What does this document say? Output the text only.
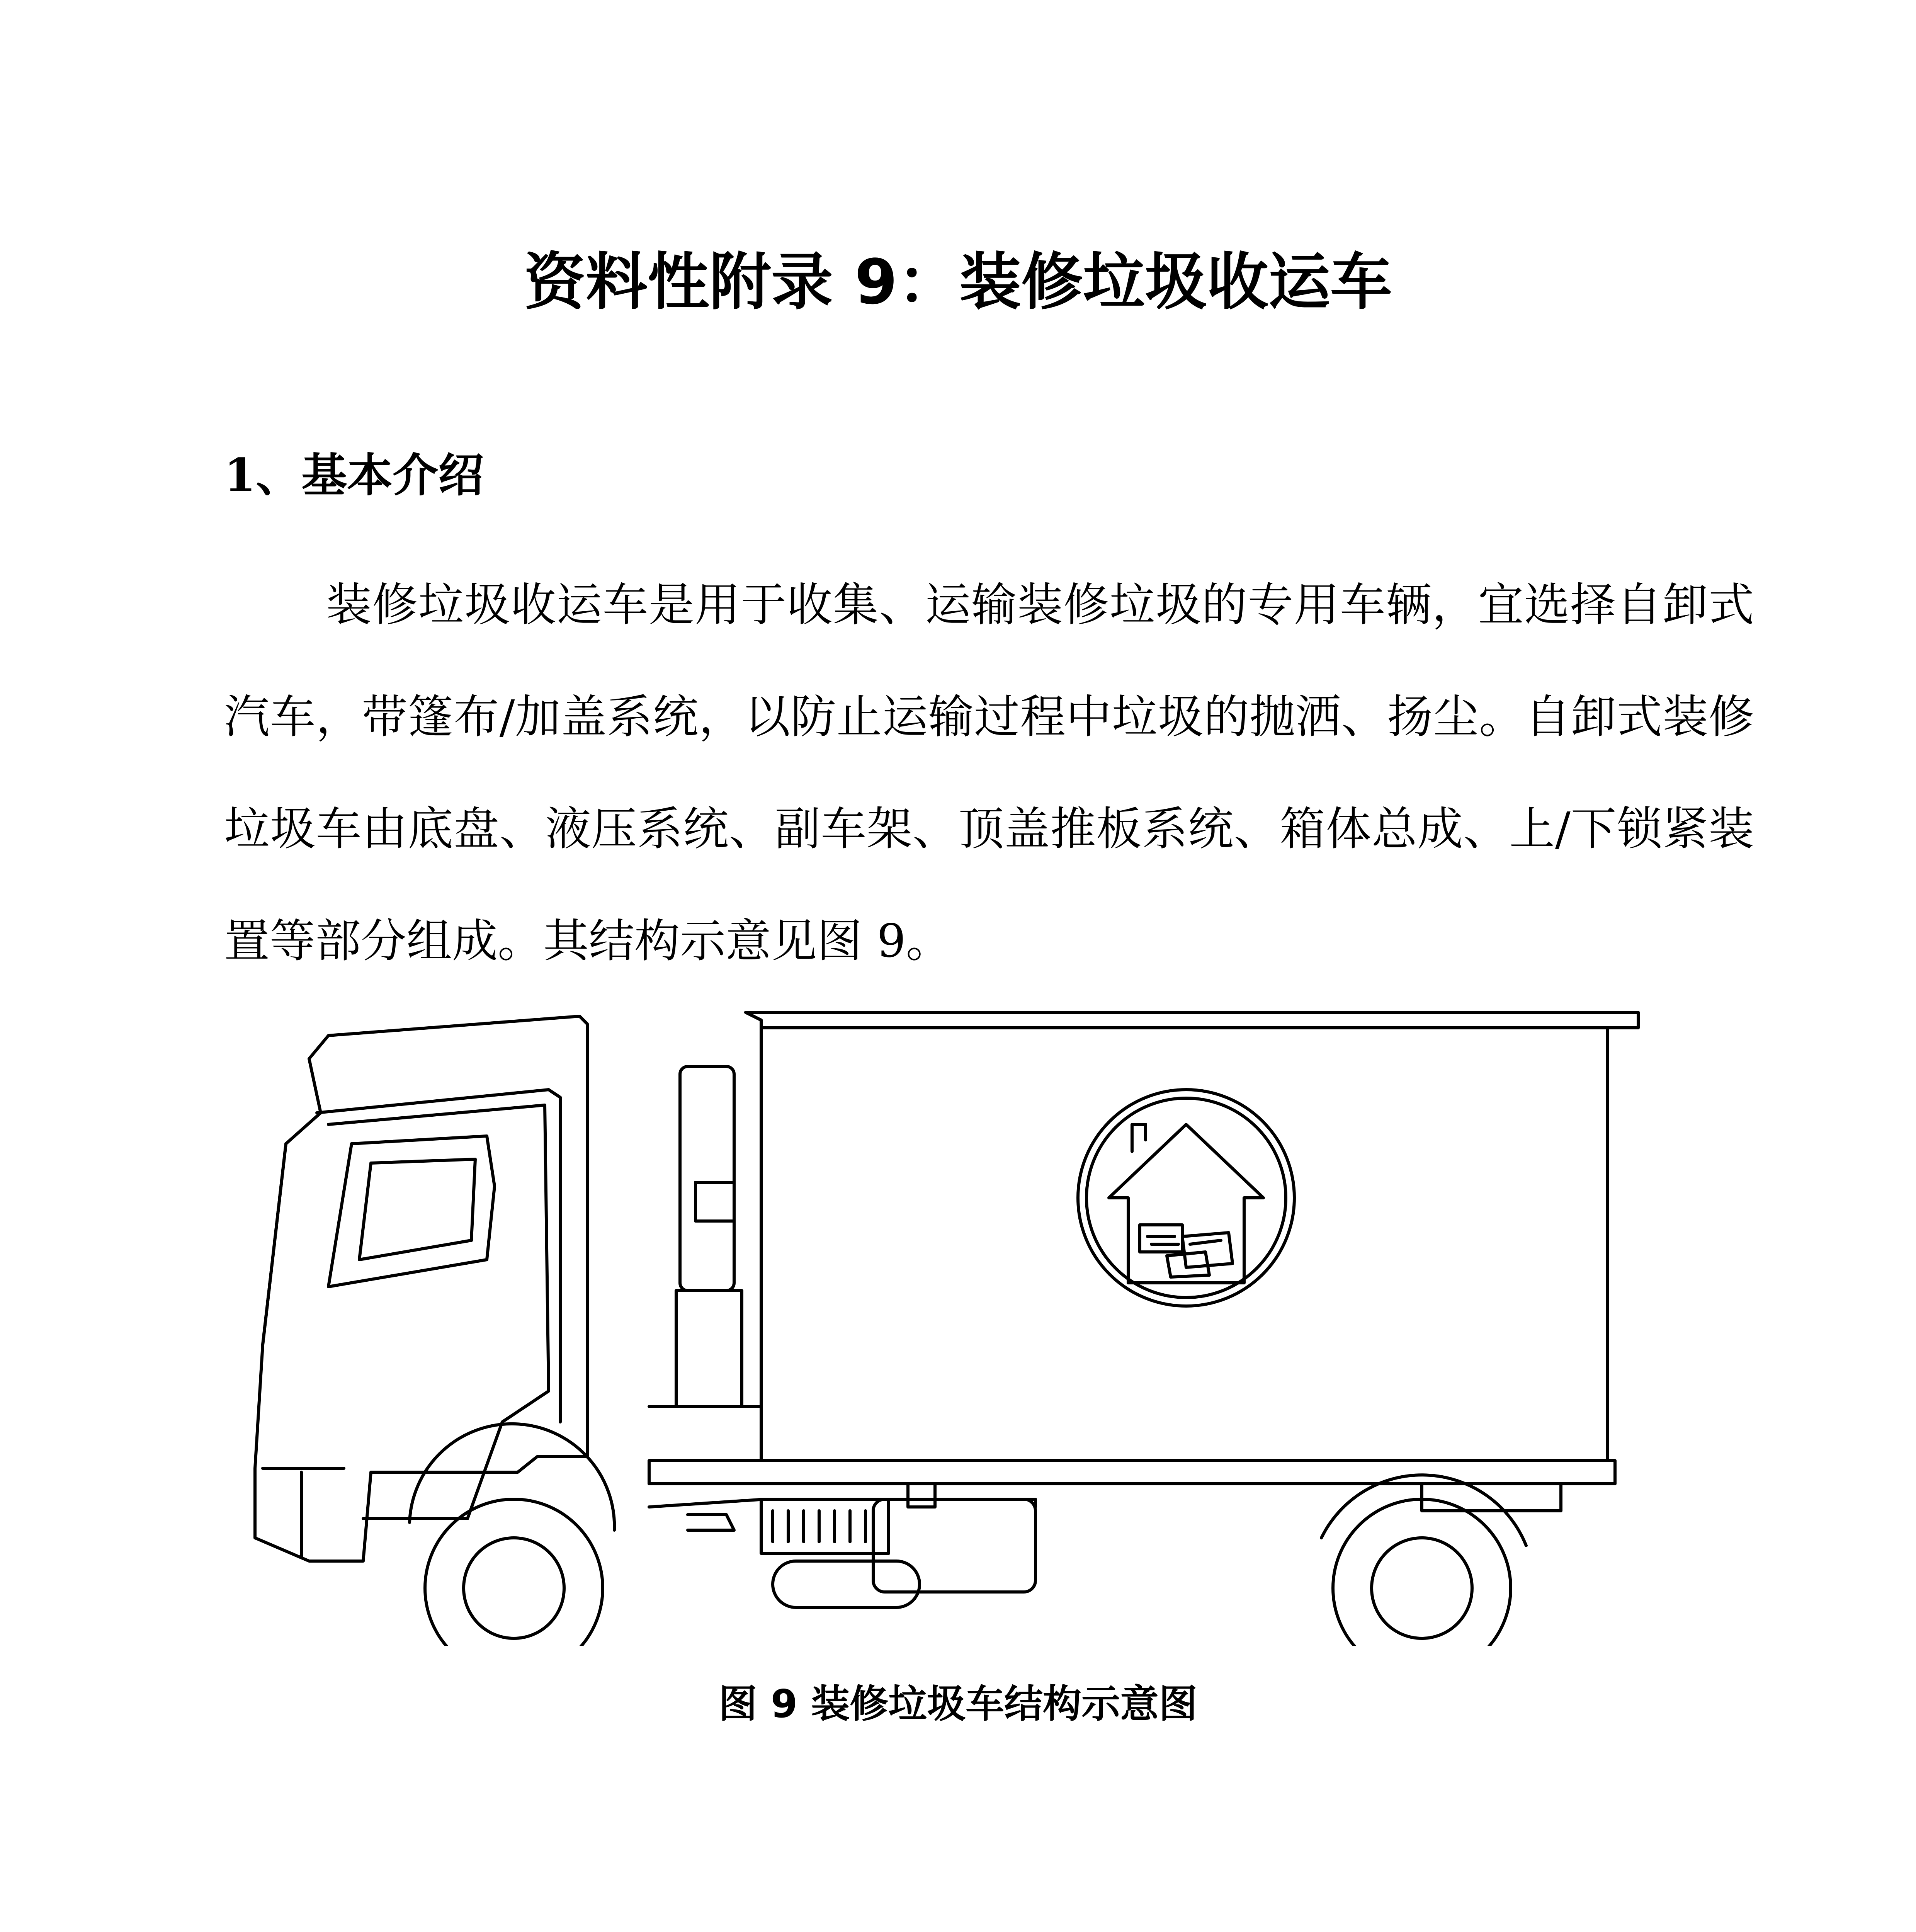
资料性附录 9：装修垃圾收运车
1、基本介绍

装修垃圾收运车是用于收集、运输装修垃圾的专用车辆，宜选择自卸式汽车，带篷布/加盖系统，以防止运输过程中垃圾的抛洒、扬尘。自卸式装修垃圾车由底盘、液压系统、副车架、顶盖推板系统、箱体总成、上/下锁紧装置等部分组成。其结构示意见图 9。

图 9 装修垃圾车结构示意图
